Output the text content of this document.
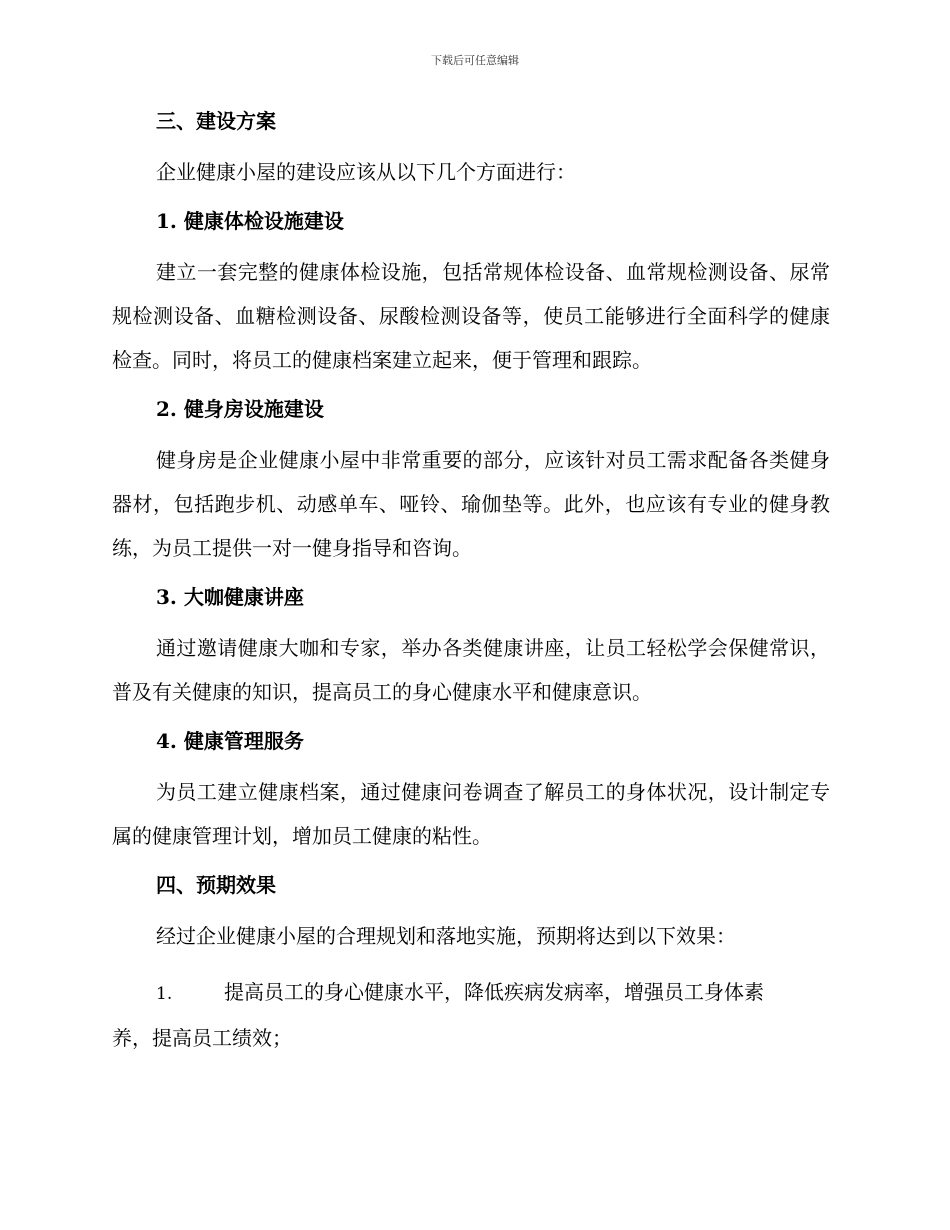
下载后可任意编辑

三、建设方案

企业健康小屋的建设应该从以下几个方面进行：

1. 健康体检设施建设

建立一套完整的健康体检设施，包括常规体检设备、血常规检测设备、尿常规检测设备、血糖检测设备、尿酸检测设备等，使员工能够进行全面科学的健康检查。同时，将员工的健康档案建立起来，便于管理和跟踪。

2. 健身房设施建设

健身房是企业健康小屋中非常重要的部分，应该针对员工需求配备各类健身器材，包括跑步机、动感单车、哑铃、瑜伽垫等。此外，也应该有专业的健身教练，为员工提供一对一健身指导和咨询。

3. 大咖健康讲座

通过邀请健康大咖和专家，举办各类健康讲座，让员工轻松学会保健常识，普及有关健康的知识，提高员工的身心健康水平和健康意识。

4. 健康管理服务

为员工建立健康档案，通过健康问卷调查了解员工的身体状况，设计制定专属的健康管理计划，增加员工健康的粘性。

四、预期效果

经过企业健康小屋的合理规划和落地实施，预期将达到以下效果：

1.	提高员工的身心健康水平，降低疾病发病率，增强员工身体素
养，提高员工绩效；
